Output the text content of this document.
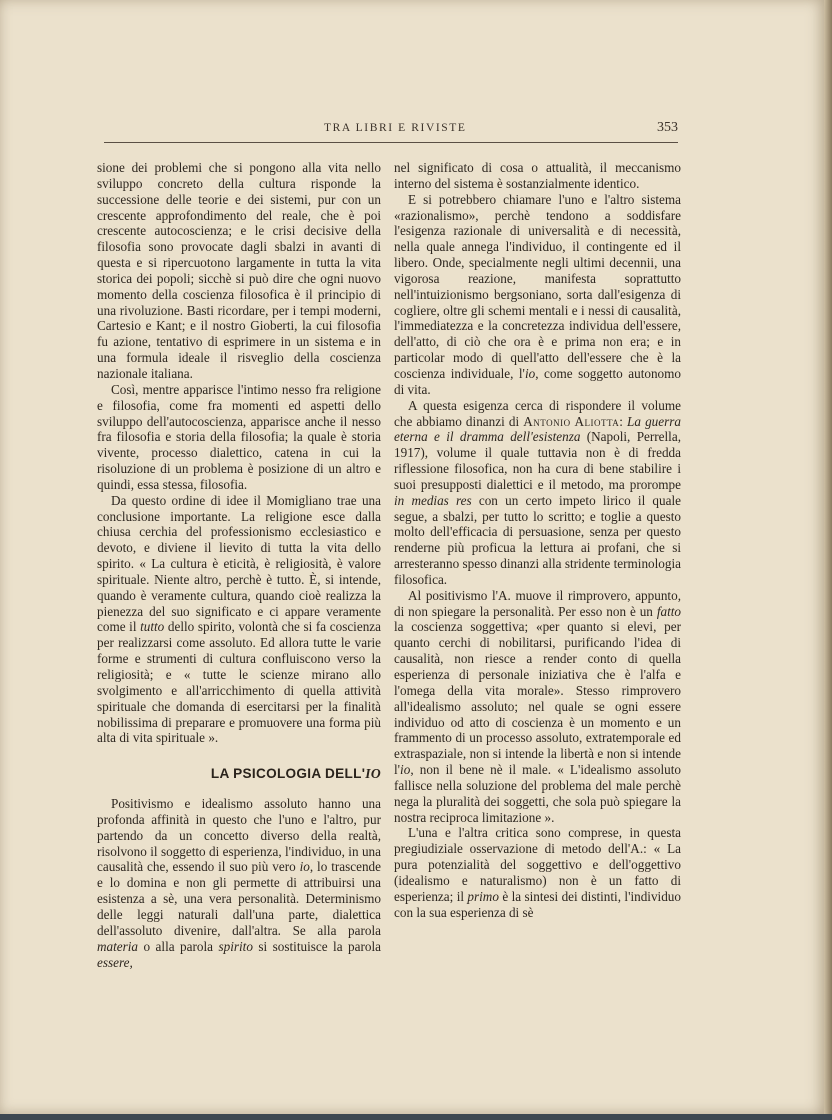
TRA LIBRI E RIVISTE	353

sione dei problemi che si pongono alla vita nello sviluppo concreto della cultura risponde la successione delle teorie e dei sistemi, pur con un crescente approfondimento del reale, che è poi crescente autocoscienza; e le crisi decisive della filosofia sono provocate dagli sbalzi in avanti di questa e si ripercuotono largamente in tutta la vita storica dei popoli; sicchè si può dire che ogni nuovo momento della coscienza filosofica è il principio di una rivoluzione. Basti ricordare, per i tempi moderni, Cartesio e Kant; e il nostro Gioberti, la cui filosofia fu azione, tentativo di esprimere in un sistema e in una formula ideale il risveglio della coscienza nazionale italiana.

Così, mentre apparisce l'intimo nesso fra religione e filosofia, come fra momenti ed aspetti dello sviluppo dell'autocoscienza, apparisce anche il nesso fra filosofia e storia della filosofia; la quale è storia vivente, processo dialettico, catena in cui la risoluzione di un problema è posizione di un altro e quindi, essa stessa, filosofia.

Da questo ordine di idee il Momigliano trae una conclusione importante. La religione esce dalla chiusa cerchia del professionismo ecclesiastico e devoto, e diviene il lievito di tutta la vita dello spirito. « La cultura è eticità, è religiosità, è valore spirituale. Niente altro, perchè è tutto. È, si intende, quando è veramente cultura, quando cioè realizza la pienezza del suo significato e ci appare veramente come il tutto dello spirito, volontà che si fa coscienza per realizzarsi come assoluto. Ed allora tutte le varie forme e strumenti di cultura confluiscono verso la religiosità; e « tutte le scienze mirano allo svolgimento e all'arricchimento di quella attività spirituale che domanda di esercitarsi per la finalità nobilissima di preparare e promuovere una forma più alta di vita spirituale ».

LA PSICOLOGIA DELL'IO

Positivismo e idealismo assoluto hanno una profonda affinità in questo che l'uno e l'altro, pur partendo da un concetto diverso della realtà, risolvono il soggetto di esperienza, l'individuo, in una causalità che, essendo il suo più vero io, lo trascende e lo domina e non gli permette di attribuirsi una esistenza a sè, una vera personalità. Determinismo delle leggi naturali dall'una parte, dialettica dell'assoluto divenire, dall'altra. Se alla parola materia o alla parola spirito si sostituisce la parola essere,

nel significato di cosa o attualità, il meccanismo interno del sistema è sostanzialmente identico.

E si potrebbero chiamare l'uno e l'altro sistema «razionalismo», perchè tendono a soddisfare l'esigenza razionale di universalità e di necessità, nella quale annega l'individuo, il contingente ed il libero. Onde, specialmente negli ultimi decennii, una vigorosa reazione, manifesta soprattutto nell'intuizionismo bergsoniano, sorta dall'esigenza di cogliere, oltre gli schemi mentali e i nessi di causalità, l'immediatezza e la concretezza individua dell'essere, dell'atto, di ciò che ora è e prima non era; e in particolar modo di quell'atto dell'essere che è la coscienza individuale, l'io, come soggetto autonomo di vita.

A questa esigenza cerca di rispondere il volume che abbiamo dinanzi di Antonio Aliotta: La guerra eterna e il dramma dell'esistenza (Napoli, Perrella, 1917), volume il quale tuttavia non è di fredda riflessione filosofica, non ha cura di bene stabilire i suoi presupposti dialettici e il metodo, ma prorompe in medias res con un certo impeto lirico il quale segue, a sbalzi, per tutto lo scritto; e toglie a questo molto dell'efficacia di persuasione, senza per questo renderne più proficua la lettura ai profani, che si arresteranno spesso dinanzi alla stridente terminologia filosofica.

Al positivismo l'A. muove il rimprovero, appunto, di non spiegare la personalità. Per esso non è un fatto la coscienza soggettiva; «per quanto si elevi, per quanto cerchi di nobilitarsi, purificando l'idea di causalità, non riesce a render conto di quella esperienza di personale iniziativa che è l'alfa e l'omega della vita morale». Stesso rimprovero all'idealismo assoluto; nel quale se ogni essere individuo od atto di coscienza è un momento e un frammento di un processo assoluto, extratemporale ed extraspaziale, non si intende la libertà e non si intende l'io, non il bene nè il male. « L'idealismo assoluto fallisce nella soluzione del problema del male perchè nega la pluralità dei soggetti, che sola può spiegare la nostra reciproca limitazione ».

L'una e l'altra critica sono comprese, in questa pregiudiziale osservazione di metodo dell'A.: « La pura potenzialità del soggettivo e dell'oggettivo (idealismo e naturalismo) non è un fatto di esperienza; il primo è la sintesi dei distinti, l'individuo con la sua esperienza di sè
